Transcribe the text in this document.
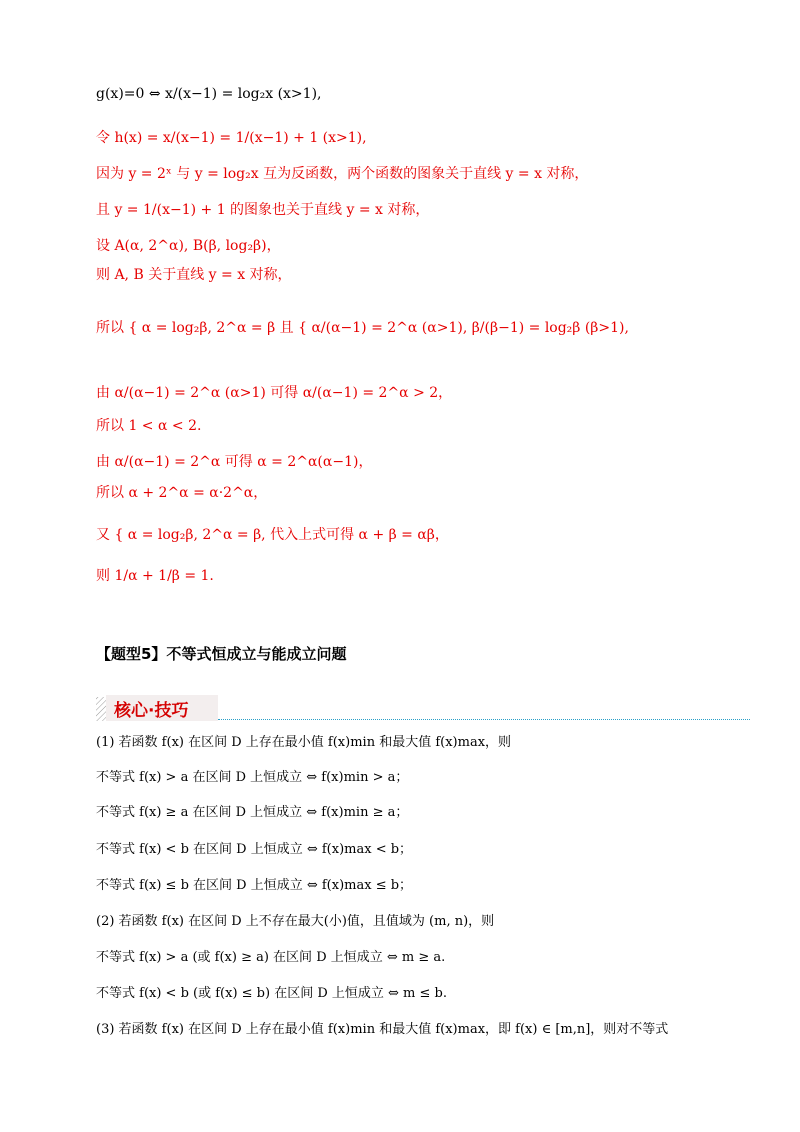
g(x)=0 ⇔ x/(x−1) = log₂x (x>1),
令 h(x) = x/(x−1) = 1/(x−1) + 1 (x>1),
因为 y = 2ˣ 与 y = log₂x 互为反函数，两个函数的图象关于直线 y = x 对称，
且 y = 1/(x−1) + 1 的图象也关于直线 y = x 对称，
设 A(α, 2^α), B(β, log₂β)，
则 A, B 关于直线 y = x 对称，
所以 { α = log₂β, 2^α = β 且 { α/(α−1) = 2^α (α>1), β/(β−1) = log₂β (β>1),
由 α/(α−1) = 2^α (α>1) 可得 α/(α−1) = 2^α > 2，
所以 1 < α < 2.
由 α/(α−1) = 2^α 可得 α = 2^α(α−1)，
所以 α + 2^α = α·2^α，
又 { α = log₂β, 2^α = β, 代入上式可得 α + β = αβ，
则 1/α + 1/β = 1.
【题型5】不等式恒成立与能成立问题
核心·技巧
(1) 若函数 f(x) 在区间 D 上存在最小值 f(x)min 和最大值 f(x)max，则
不等式 f(x) > a 在区间 D 上恒成立 ⇔ f(x)min > a；
不等式 f(x) ≥ a 在区间 D 上恒成立 ⇔ f(x)min ≥ a；
不等式 f(x) < b 在区间 D 上恒成立 ⇔ f(x)max < b；
不等式 f(x) ≤ b 在区间 D 上恒成立 ⇔ f(x)max ≤ b；
(2) 若函数 f(x) 在区间 D 上不存在最大(小)值，且值域为 (m, n)，则
不等式 f(x) > a (或 f(x) ≥ a) 在区间 D 上恒成立 ⇔ m ≥ a.
不等式 f(x) < b (或 f(x) ≤ b) 在区间 D 上恒成立 ⇔ m ≤ b.
(3) 若函数 f(x) 在区间 D 上存在最小值 f(x)min 和最大值 f(x)max，即 f(x) ∈ [m,n]，则对不等式
